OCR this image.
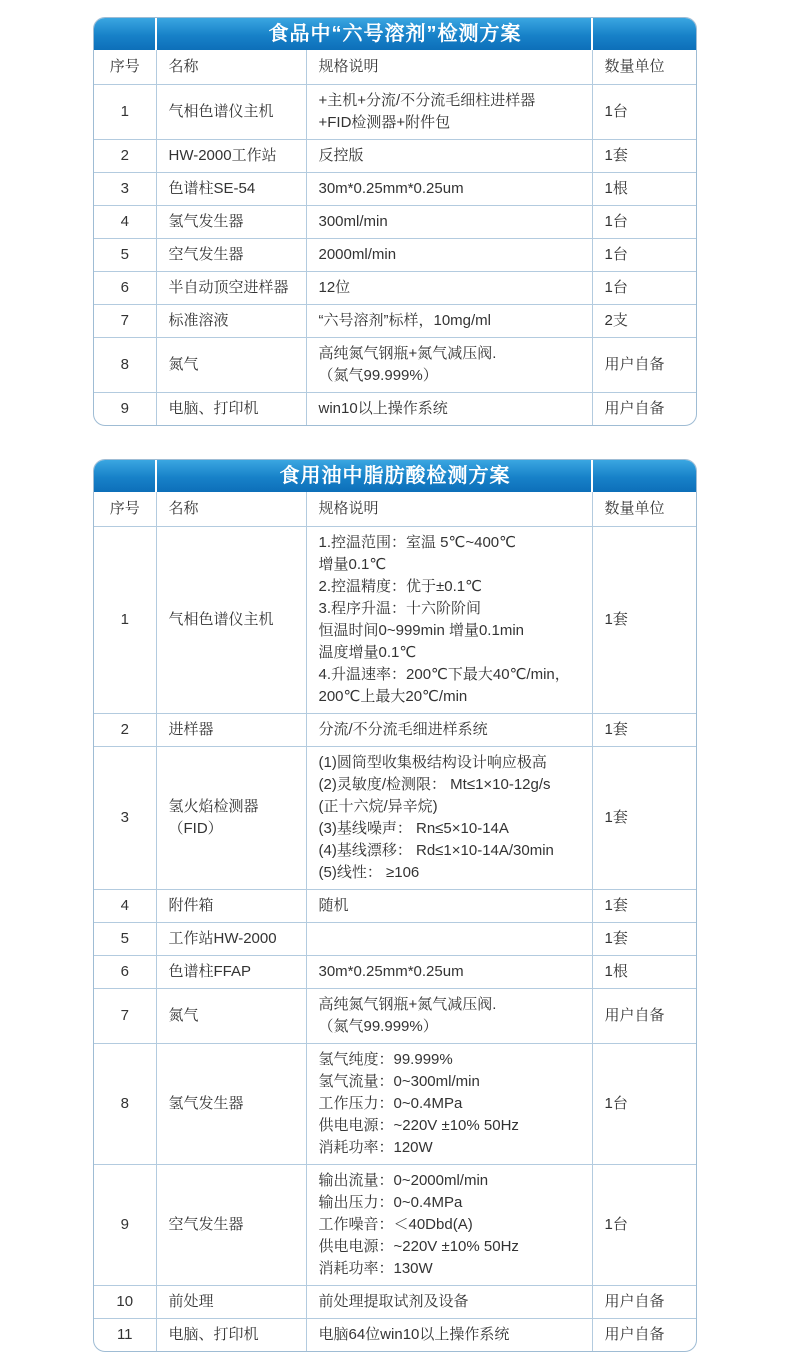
食品中“六号溶剂”检测方案
序号	名称	规格说明	数量单位
1	气相色谱仪主机	+主机+分流/不分流毛细柱进样器
+FID检测器+附件包	1台
2	HW-2000工作站	反控版	1套
3	色谱柱SE-54	30m*0.25mm*0.25um	1根
4	氢气发生器	300ml/min	1台
5	空气发生器	2000ml/min	1台
6	半自动顶空进样器	12位	1台
7	标准溶液	“六号溶剂”标样，10mg/ml	2支
8	氮气	高纯氮气钢瓶+氮气减压阀.
（氮气99.999%）	用户自备
9	电脑、打印机	win10以上操作系统	用户自备
食用油中脂肪酸检测方案
序号	名称	规格说明	数量单位
1	气相色谱仪主机	
1.控温范围：室温 5℃~400℃
增量0.1℃
2.控温精度：优于±0.1℃
3.程序升温：十六阶阶间
恒温时间0~999min 增量0.1min
温度增量0.1℃
4.升温速率：200℃下最大40℃/min，
200℃上最大20℃/min
	1套
2	进样器	分流/不分流毛细进样系统	1套
3	氢火焰检测器（FID）	
(1)圆筒型收集极结构设计响应极高
(2)灵敏度/检测限： Mt≤1×10-12g/s
(正十六烷/异辛烷)
(3)基线噪声： Rn≤5×10-14A
(4)基线漂移： Rd≤1×10-14A/30min
(5)线性： ≥106
	1套
4	附件箱	随机	1套
5	工作站HW-2000		1套
6	色谱柱FFAP	30m*0.25mm*0.25um	1根
7	氮气	高纯氮气钢瓶+氮气减压阀.
（氮气99.999%）	用户自备
8	氢气发生器	氢气纯度：99.999%
氢气流量：0~300ml/min
工作压力：0~0.4MPa
供电电源：~220V ±10% 50Hz
消耗功率：120W	1台
9	空气发生器	输出流量：0~2000ml/min
输出压力：0~0.4MPa
工作噪音：＜40Dbd(A)
供电电源：~220V ±10% 50Hz
消耗功率：130W	1台
10	前处理	前处理提取试剂及设备	用户自备
11	电脑、打印机	电脑64位win10以上操作系统	用户自备
